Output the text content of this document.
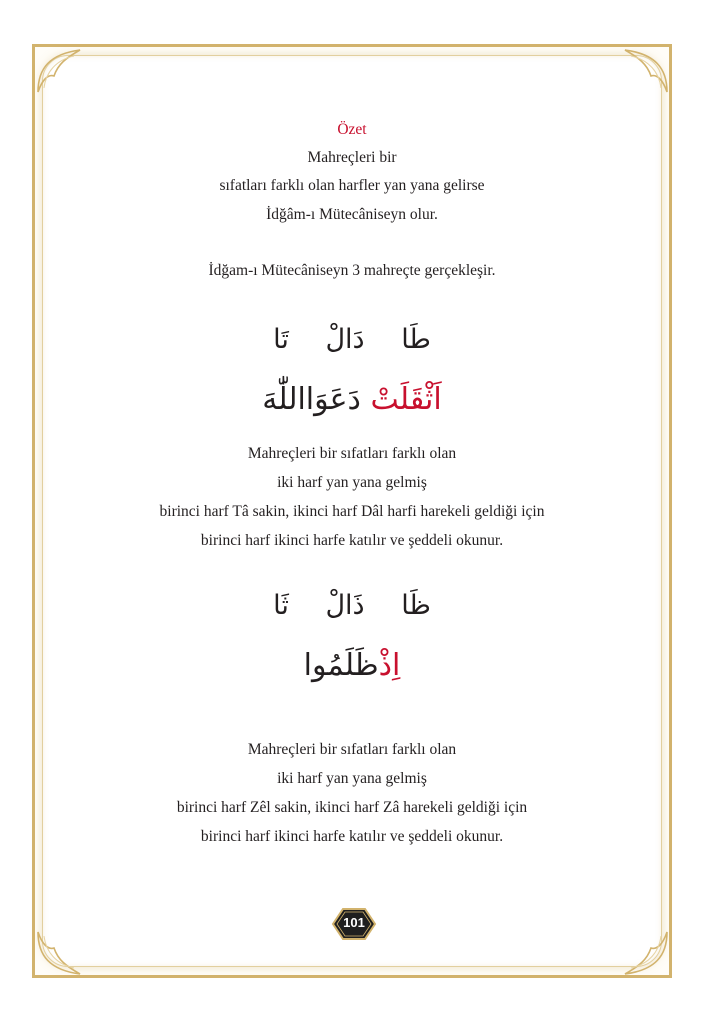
Özet
Mahreçleri bir
sıfatları farklı olan harfler yan yana gelirse
İdğâm-ı Mütecâniseyn olur.
İdğam-ı Mütecâniseyn 3 mahreçte gerçekleşir.
طَا دَالْ تَا
اَثْقَلَتْ دَعَوَااللّٰهَ
Mahreçleri bir sıfatları farklı olan
iki harf yan yana gelmiş
birinci harf Tâ sakin, ikinci harf Dâl harfi harekeli geldiği için
birinci harf ikinci harfe katılır ve şeddeli okunur.
ظَا ذَالْ ثَا
اِذْظَلَمُوا
Mahreçleri bir sıfatları farklı olan
iki harf yan yana gelmiş
birinci harf Zêl sakin, ikinci harf Zâ harekeli geldiği için
birinci harf ikinci harfe katılır ve şeddeli okunur.
101
